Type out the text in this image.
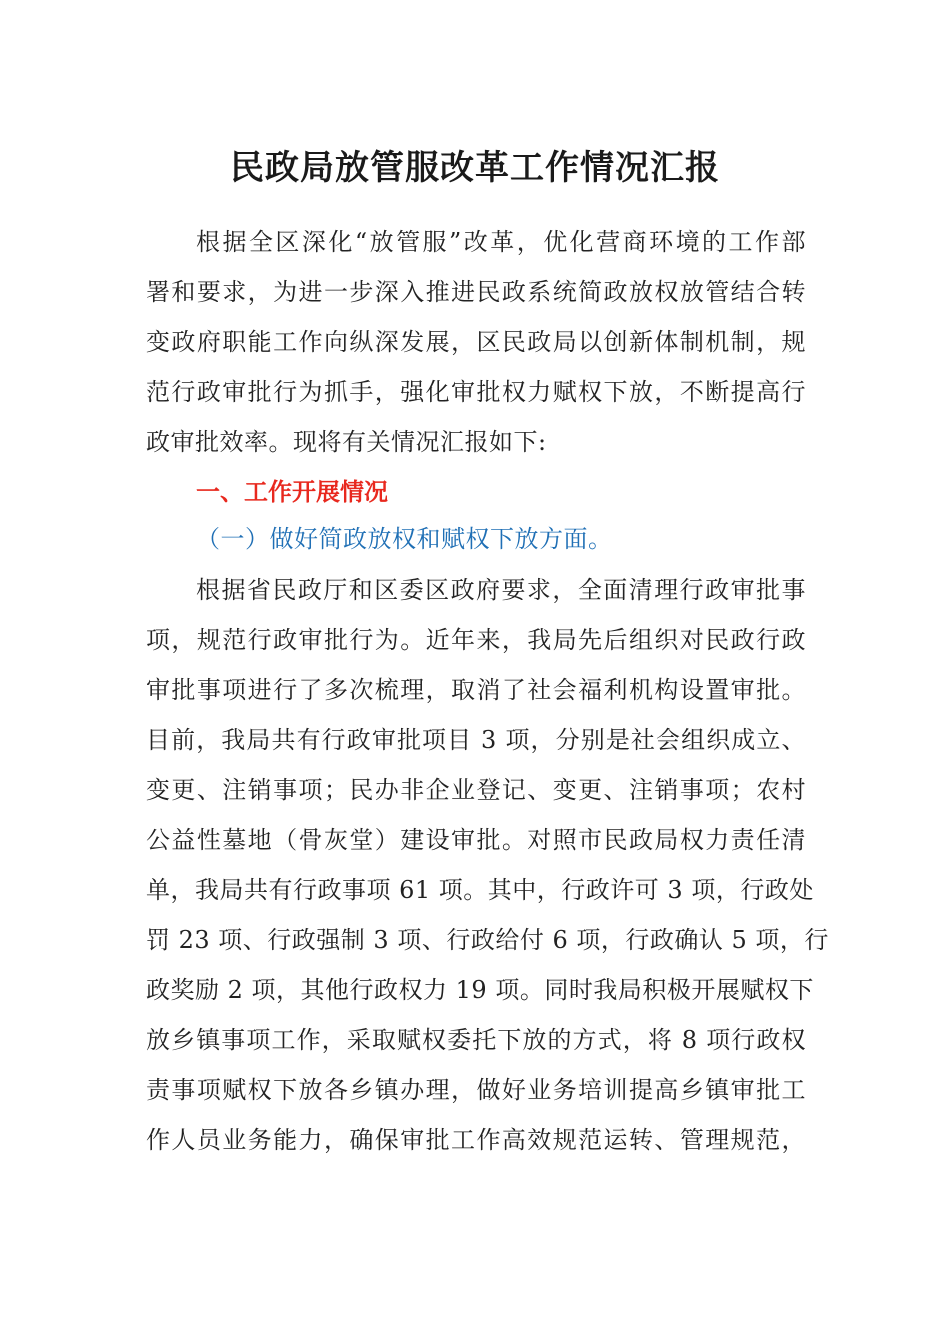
民政局放管服改革工作情况汇报
根据全区深化“放管服”改革，优化营商环境的工作部
署和要求，为进一步深入推进民政系统简政放权放管结合转
变政府职能工作向纵深发展，区民政局以创新体制机制，规
范行政审批行为抓手，强化审批权力赋权下放，不断提高行
政审批效率。现将有关情况汇报如下:
一、工作开展情况
（一）做好简政放权和赋权下放方面。
根据省民政厅和区委区政府要求，全面清理行政审批事
项，规范行政审批行为。近年来，我局先后组织对民政行政
审批事项进行了多次梳理，取消了社会福利机构设置审批。
目前，我局共有行政审批项目 3 项，分别是社会组织成立、
变更、注销事项；民办非企业登记、变更、注销事项；农村
公益性墓地（骨灰堂）建设审批。对照市民政局权力责任清
单，我局共有行政事项 61 项。其中，行政许可 3 项，行政处
罚 23 项、行政强制 3 项、行政给付 6 项，行政确认 5 项，行
政奖励 2 项，其他行政权力 19 项。同时我局积极开展赋权下
放乡镇事项工作，采取赋权委托下放的方式，将 8 项行政权
责事项赋权下放各乡镇办理，做好业务培训提高乡镇审批工
作人员业务能力，确保审批工作高效规范运转、管理规范，
